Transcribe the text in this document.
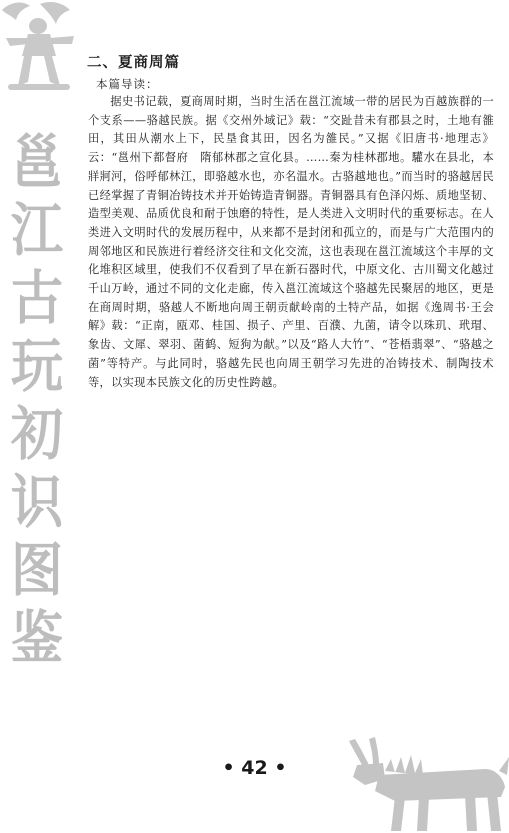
邕
江
古
玩
初
识
图
鉴
二、夏商周篇
本篇导读：

据史书记载，夏商周时期，当时生活在邕江流域一带的居民为百越族群的一个支系——骆越民族。据《交州外域记》载：“交趾昔未有郡县之时，土地有雒田，其田从潮水上下，民垦食其田，因名为雒民。”又据《旧唐书·地理志》云：“邕州下都督府　隋郁林郡之宣化县。……秦为桂林郡地。驩水在县北，本牂牁河，俗呼郁林江，即骆越水也，亦名温水。古骆越地也。”而当时的骆越居民已经掌握了青铜冶铸技术并开始铸造青铜器。青铜器具有色泽闪烁、质地坚韧、造型美观、品质优良和耐于蚀磨的特性，是人类进入文明时代的重要标志。在人类进入文明时代的发展历程中，从来都不是封闭和孤立的，而是与广大范围内的周邻地区和民族进行着经济交往和文化交流，这也表现在邕江流域这个丰厚的文化堆积区域里，使我们不仅看到了早在新石器时代，中原文化、古川蜀文化越过千山万岭，通过不同的文化走廊，传入邕江流域这个骆越先民聚居的地区，更是在商周时期，骆越人不断地向周王朝贡献岭南的土特产品，如据《逸周书·王会解》载：“正南，瓯邓、桂国、损子、产里、百濮、九菌，请令以珠玑、玳瑁、象齿、文犀、翠羽、菌鹤、短狗为献。”以及“路人大竹”、“苍梧翡翠”、“骆越之菌”等特产。与此同时，骆越先民也向周王朝学习先进的冶铸技术、制陶技术等，以实现本民族文化的历史性跨越。

• 42 •
